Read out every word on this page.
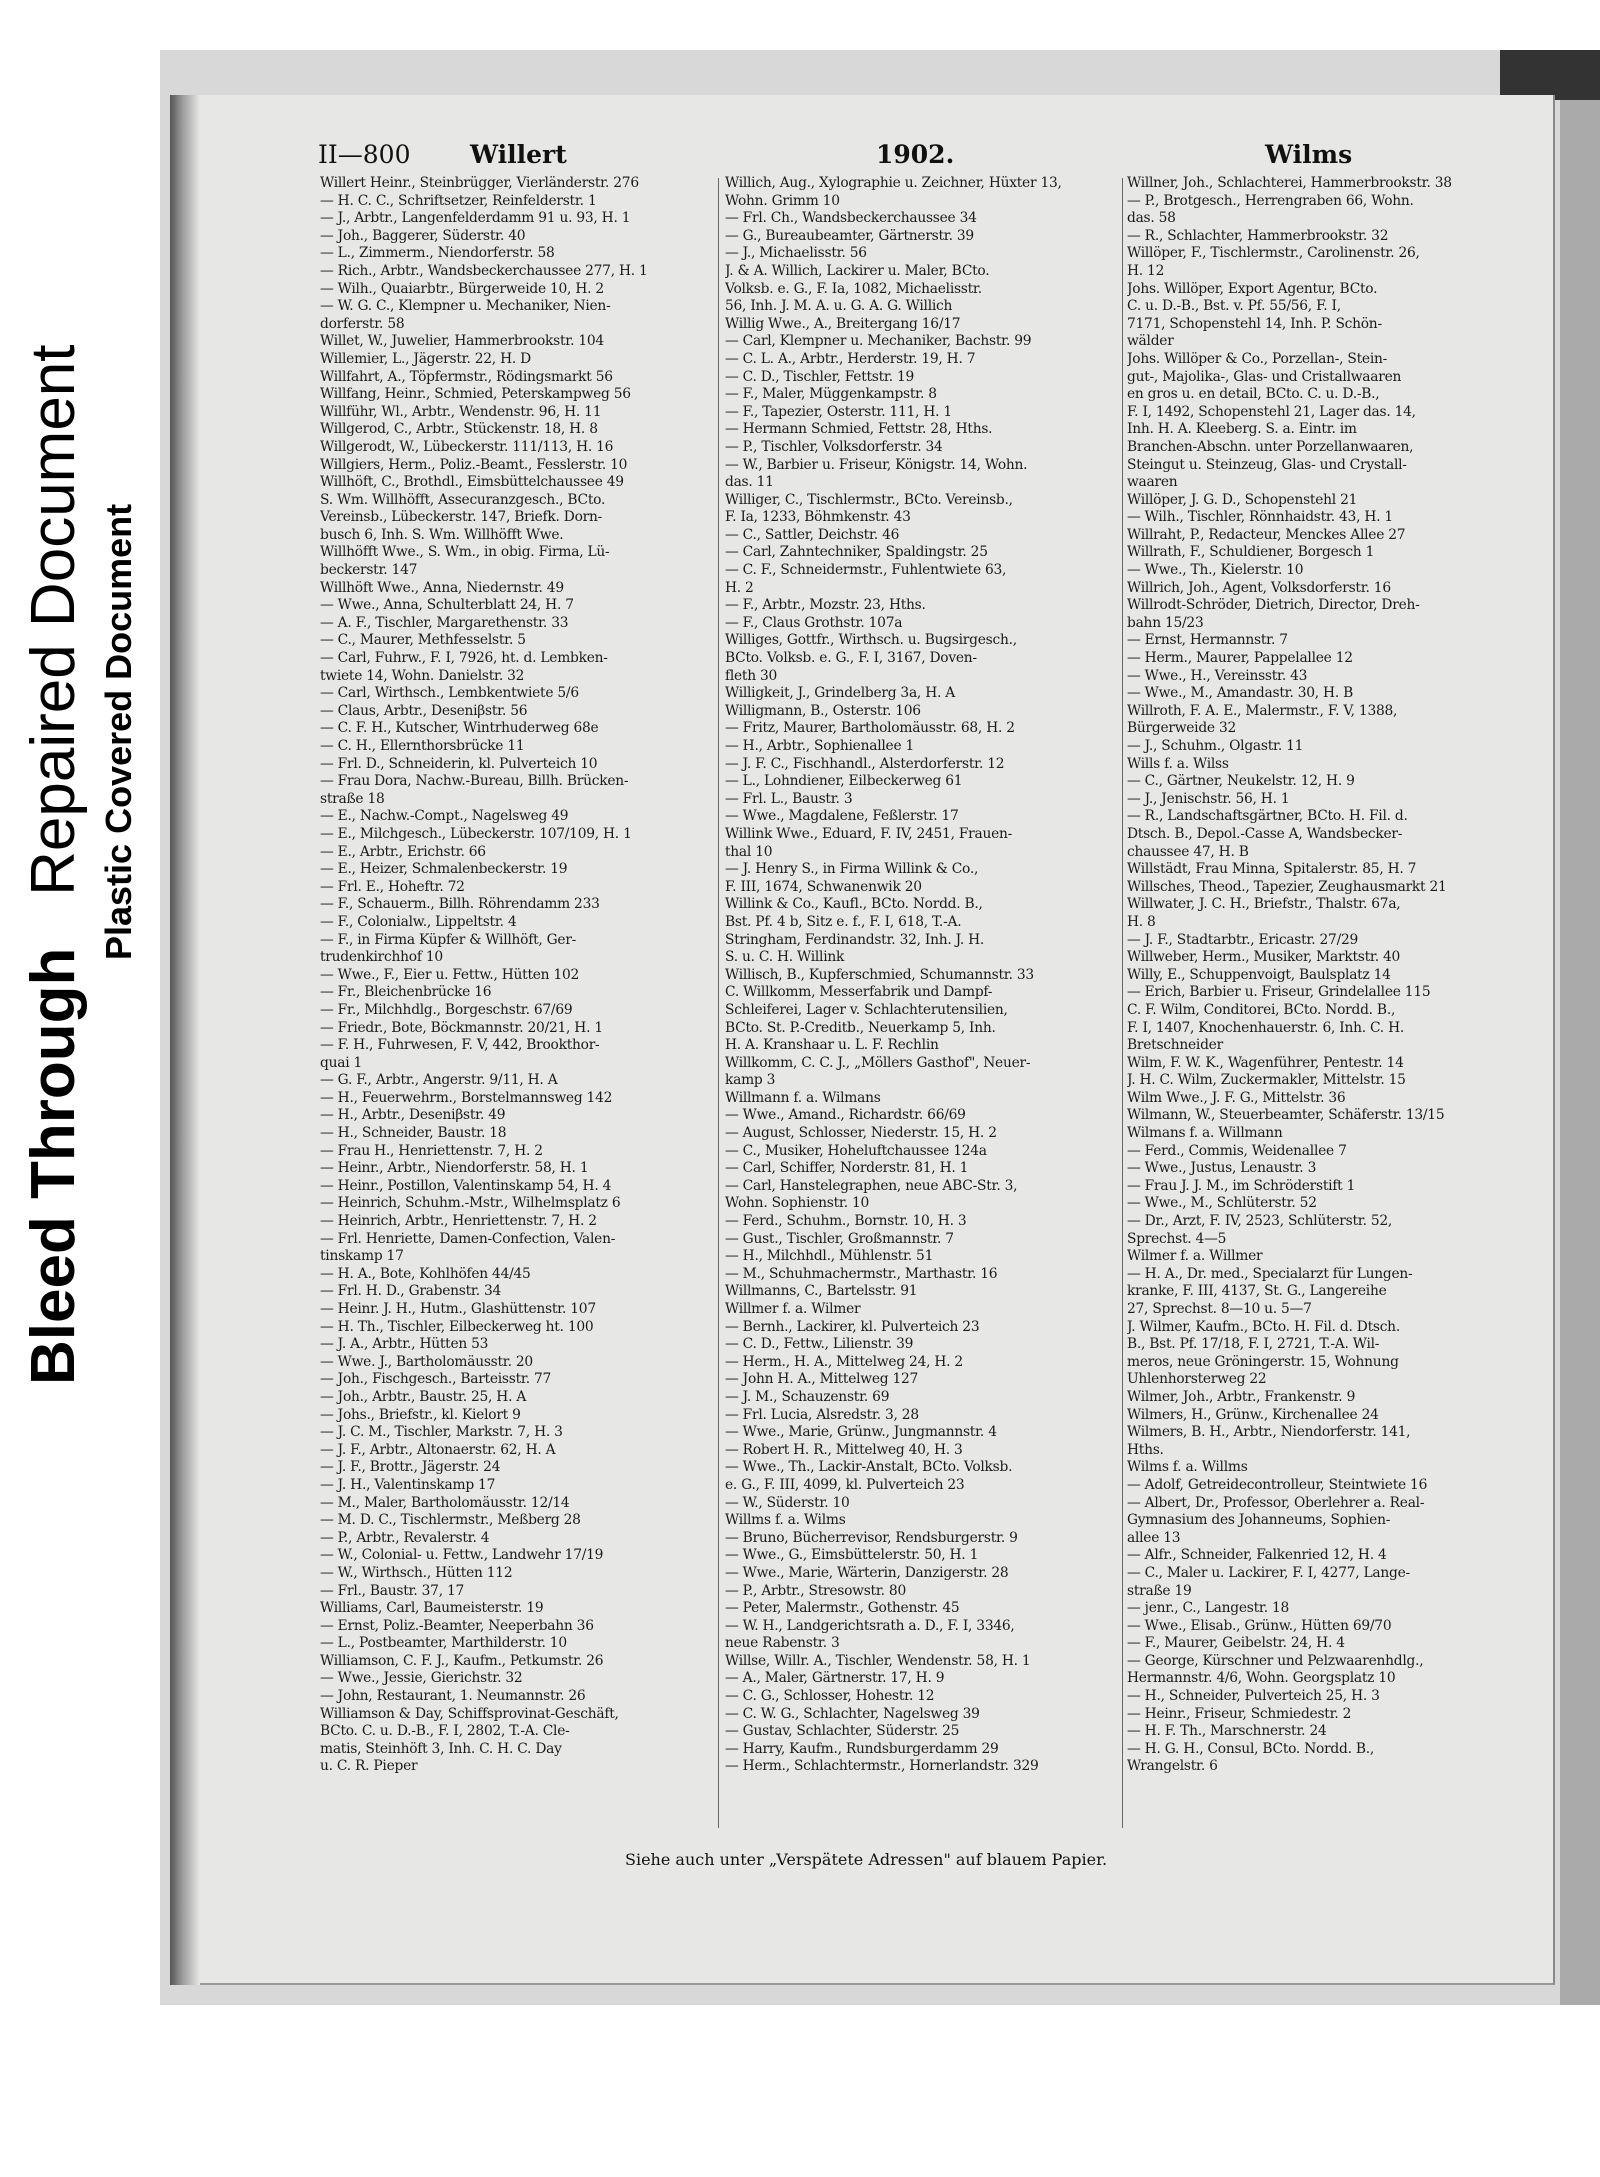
Bleed Through   Repaired Document Plastic Covered Document
II—800 Willert	1902.	Wilms
Willert Heinr., Steinbrügger, Vierländerstr. 276
— H. C. C., Schriftsetzer, Reinfelderstr. 1
— J., Arbtr., Langenfelderdamm 91 u. 93, H. 1
— Joh., Baggerer, Süderstr. 40
— L., Zimmerm., Niendorferstr. 58
— Rich., Arbtr., Wandsbeckerchaussee 277, H. 1
— Wilh., Quaiarbtr., Bürgerweide 10, H. 2
— W. G. C., Klempner u. Mechaniker, Nien-
dorferstr. 58
Willet, W., Juwelier, Hammerbrookstr. 104
Willemier, L., Jägerstr. 22, H. D
Willfahrt, A., Töpfermstr., Rödingsmarkt 56
Willfang, Heinr., Schmied, Peterskampweg 56
Willführ, Wl., Arbtr., Wendenstr. 96, H. 11
Willgerod, C., Arbtr., Stückenstr. 18, H. 8
Willgerodt, W., Lübeckerstr. 111/113, H. 16
Willgiers, Herm., Poliz.-Beamt., Fesslerstr. 10
Willhöft, C., Brothdl., Eimsbüttelchaussee 49
S. Wm. Willhöfft, Assecuranzgesch., BCto.
Vereinsb., Lübeckerstr. 147, Briefk. Dorn-
busch 6, Inh. S. Wm. Willhöfft Wwe.
Willhöfft Wwe., S. Wm., in obig. Firma, Lü-
beckerstr. 147
Willhöft Wwe., Anna, Niedernstr. 49
— Wwe., Anna, Schulterblatt 24, H. 7
— A. F., Tischler, Margarethenstr. 33
— C., Maurer, Methfesselstr. 5
— Carl, Fuhrw., F. I, 7926, ht. d. Lembken-
twiete 14, Wohn. Danielstr. 32
— Carl, Wirthsch., Lembkentwiete 5/6
— Claus, Arbtr., Deseniβstr. 56
— C. F. H., Kutscher, Wintrhuderweg 68e
— C. H., Ellernthorsbrücke 11
— Frl. D., Schneiderin, kl. Pulverteich 10
— Frau Dora, Nachw.-Bureau, Billh. Brücken-
straße 18
— E., Nachw.-Compt., Nagelsweg 49
— E., Milchgesch., Lübeckerstr. 107/109, H. 1
— E., Arbtr., Erichstr. 66
— E., Heizer, Schmalenbeckerstr. 19
— Frl. E., Hoheftr. 72
— F., Schauerm., Billh. Röhrendamm 233
— F., Colonialw., Lippeltstr. 4
— F., in Firma Küpfer & Willhöft, Ger-
trudenkirchhof 10
— Wwe., F., Eier u. Fettw., Hütten 102
— Fr., Bleichenbrücke 16
— Fr., Milchhdlg., Borgeschstr. 67/69
— Friedr., Bote, Böckmannstr. 20/21, H. 1
— F. H., Fuhrwesen, F. V, 442, Brookthor-
quai 1
— G. F., Arbtr., Angerstr. 9/11, H. A
— H., Feuerwehrm., Borstelmannsweg 142
— H., Arbtr., Deseniβstr. 49
— H., Schneider, Baustr. 18
— Frau H., Henriettenstr. 7, H. 2
— Heinr., Arbtr., Niendorferstr. 58, H. 1
— Heinr., Postillon, Valentinskamp 54, H. 4
— Heinrich, Schuhm.-Mstr., Wilhelmsplatz 6
— Heinrich, Arbtr., Henriettenstr. 7, H. 2
— Frl. Henriette, Damen-Confection, Valen-
tinskamp 17
— H. A., Bote, Kohlhöfen 44/45
— Frl. H. D., Grabenstr. 34
— Heinr. J. H., Hutm., Glashüttenstr. 107
— H. Th., Tischler, Eilbeckerweg ht. 100
— J. A., Arbtr., Hütten 53
— Wwe. J., Bartholomäusstr. 20
— Joh., Fischgesch., Barteisstr. 77
— Joh., Arbtr., Baustr. 25, H. A
— Johs., Briefstr., kl. Kielort 9
— J. C. M., Tischler, Markstr. 7, H. 3
— J. F., Arbtr., Altonaerstr. 62, H. A
— J. F., Brottr., Jägerstr. 24
— J. H., Valentinskamp 17
— M., Maler, Bartholomäusstr. 12/14
— M. D. C., Tischlermstr., Meßberg 28
— P., Arbtr., Revalerstr. 4
— W., Colonial- u. Fettw., Landwehr 17/19
— W., Wirthsch., Hütten 112
— Frl., Baustr. 37, 17
Williams, Carl, Baumeisterstr. 19
— Ernst, Poliz.-Beamter, Neeperbahn 36
— L., Postbeamter, Marthilderstr. 10
Williamson, C. F. J., Kaufm., Petkumstr. 26
— Wwe., Jessie, Gierichstr. 32
— John, Restaurant, 1. Neumannstr. 26
Williamson & Day, Schiffsprovinat-Geschäft,
BCto. C. u. D.-B., F. I, 2802, T.-A. Cle-
matis, Steinhöft 3, Inh. C. H. C. Day
u. C. R. Pieper
Willich, Aug., Xylographie u. Zeichner, Hüxter 13,
Wohn. Grimm 10
— Frl. Ch., Wandsbeckerchaussee 34
— G., Bureaubeamter, Gärtnerstr. 39
— J., Michaelisstr. 56
J. & A. Willich, Lackirer u. Maler, BCto.
Volksb. e. G., F. Ia, 1082, Michaelisstr.
56, Inh. J. M. A. u. G. A. G. Willich
Willig Wwe., A., Breitergang 16/17
— Carl, Klempner u. Mechaniker, Bachstr. 99
— C. L. A., Arbtr., Herderstr. 19, H. 7
— C. D., Tischler, Fettstr. 19
— F., Maler, Müggenkampstr. 8
— F., Tapezier, Osterstr. 111, H. 1
— Hermann Schmied, Fettstr. 28, Hths.
— P., Tischler, Volksdorferstr. 34
— W., Barbier u. Friseur, Königstr. 14, Wohn.
das. 11
Williger, C., Tischlermstr., BCto. Vereinsb.,
F. Ia, 1233, Böhmkenstr. 43
— C., Sattler, Deichstr. 46
— Carl, Zahntechniker, Spaldingstr. 25
— C. F., Schneidermstr., Fuhlentwiete 63,
H. 2
— F., Arbtr., Mozstr. 23, Hths.
— F., Claus Grothstr. 107a
Williges, Gottfr., Wirthsch. u. Bugsirgesch.,
BCto. Volksb. e. G., F. I, 3167, Doven-
fleth 30
Willigkeit, J., Grindelberg 3a, H. A
Willigmann, B., Osterstr. 106
— Fritz, Maurer, Bartholomäusstr. 68, H. 2
— H., Arbtr., Sophienallee 1
— J. F. C., Fischhandl., Alsterdorferstr. 12
— L., Lohndiener, Eilbeckerweg 61
— Frl. L., Baustr. 3
— Wwe., Magdalene, Feßlerstr. 17
Willink Wwe., Eduard, F. IV, 2451, Frauen-
thal 10
— J. Henry S., in Firma Willink & Co.,
F. III, 1674, Schwanenwik 20
Willink & Co., Kaufl., BCto. Nordd. B.,
Bst. Pf. 4 b, Sitz e. f., F. I, 618, T.-A.
Stringham, Ferdinandstr. 32, Inh. J. H.
S. u. C. H. Willink
Willisch, B., Kupferschmied, Schumannstr. 33
C. Willkomm, Messerfabrik und Dampf-
Schleiferei, Lager v. Schlachterutensilien,
BCto. St. P.-Creditb., Neuerkamp 5, Inh.
H. A. Kranshaar u. L. F. Rechlin
Willkomm, C. C. J., „Möllers Gasthof", Neuer-
kamp 3
Willmann f. a. Wilmans
— Wwe., Amand., Richardstr. 66/69
— August, Schlosser, Niederstr. 15, H. 2
— C., Musiker, Hoheluftchaussee 124a
— Carl, Schiffer, Norderstr. 81, H. 1
— Carl, Hanstelegraphen, neue ABC-Str. 3,
Wohn. Sophienstr. 10
— Ferd., Schuhm., Bornstr. 10, H. 3
— Gust., Tischler, Großmannstr. 7
— H., Milchhdl., Mühlenstr. 51
— M., Schuhmachermstr., Marthastr. 16
Willmanns, C., Bartelsstr. 91
Willmer f. a. Wilmer
— Bernh., Lackirer, kl. Pulverteich 23
— C. D., Fettw., Lilienstr. 39
— Herm., H. A., Mittelweg 24, H. 2
— John H. A., Mittelweg 127
— J. M., Schauzenstr. 69
— Frl. Lucia, Alsredstr. 3, 28
— Wwe., Marie, Grünw., Jungmannstr. 4
— Robert H. R., Mittelweg 40, H. 3
— Wwe., Th., Lackir-Anstalt, BCto. Volksb.
e. G., F. III, 4099, kl. Pulverteich 23
— W., Süderstr. 10
Willms f. a. Wilms
— Bruno, Bücherrevisor, Rendsburgerstr. 9
— Wwe., G., Eimsbüttelerstr. 50, H. 1
— Wwe., Marie, Wärterin, Danzigerstr. 28
— P., Arbtr., Stresowstr. 80
— Peter, Malermstr., Gothenstr. 45
— W. H., Landgerichtsrath a. D., F. I, 3346,
neue Rabenstr. 3
Willse, Willr. A., Tischler, Wendenstr. 58, H. 1
— A., Maler, Gärtnerstr. 17, H. 9
— C. G., Schlosser, Hohestr. 12
— C. W. G., Schlachter, Nagelsweg 39
— Gustav, Schlachter, Süderstr. 25
— Harry, Kaufm., Rundsburgerdamm 29
— Herm., Schlachtermstr., Hornerlandstr. 329
Willner, Joh., Schlachterei, Hammerbrookstr. 38
— P., Brotgesch., Herrengraben 66, Wohn.
das. 58
— R., Schlachter, Hammerbrookstr. 32
Willöper, F., Tischlermstr., Carolinenstr. 26,
H. 12
Johs. Willöper, Export Agentur, BCto.
C. u. D.-B., Bst. v. Pf. 55/56, F. I,
7171, Schopenstehl 14, Inh. P. Schön-
wälder
Johs. Willöper & Co., Porzellan-, Stein-
gut-, Majolika-, Glas- und Cristallwaaren
en gros u. en detail, BCto. C. u. D.-B.,
F. I, 1492, Schopenstehl 21, Lager das. 14,
Inh. H. A. Kleeberg. S. a. Eintr. im
Branchen-Abschn. unter Porzellanwaaren,
Steingut u. Steinzeug, Glas- und Crystall-
waaren
Willöper, J. G. D., Schopenstehl 21
— Wilh., Tischler, Rönnhaidstr. 43, H. 1
Willraht, P., Redacteur, Menckes Allee 27
Willrath, F., Schuldiener, Borgesch 1
— Wwe., Th., Kielerstr. 10
Willrich, Joh., Agent, Volksdorferstr. 16
Willrodt-Schröder, Dietrich, Director, Dreh-
bahn 15/23
— Ernst, Hermannstr. 7
— Herm., Maurer, Pappelallee 12
— Wwe., H., Vereinsstr. 43
— Wwe., M., Amandastr. 30, H. B
Willroth, F. A. E., Malermstr., F. V, 1388,
Bürgerweide 32
— J., Schuhm., Olgastr. 11
Wills f. a. Wilss
— C., Gärtner, Neukelstr. 12, H. 9
— J., Jenischstr. 56, H. 1
— R., Landschaftsgärtner, BCto. H. Fil. d.
Dtsch. B., Depol.-Casse A, Wandsbecker-
chaussee 47, H. B
Willstädt, Frau Minna, Spitalerstr. 85, H. 7
Willsches, Theod., Tapezier, Zeughausmarkt 21
Willwater, J. C. H., Briefstr., Thalstr. 67a,
H. 8
— J. F., Stadtarbtr., Ericastr. 27/29
Willweber, Herm., Musiker, Marktstr. 40
Willy, E., Schuppenvoigt, Baulsplatz 14
— Erich, Barbier u. Friseur, Grindelallee 115
C. F. Wilm, Conditorei, BCto. Nordd. B.,
F. I, 1407, Knochenhauerstr. 6, Inh. C. H.
Bretschneider
Wilm, F. W. K., Wagenführer, Pentestr. 14
J. H. C. Wilm, Zuckermakler, Mittelstr. 15
Wilm Wwe., J. F. G., Mittelstr. 36
Wilmann, W., Steuerbeamter, Schäferstr. 13/15
Wilmans f. a. Willmann
— Ferd., Commis, Weidenallee 7
— Wwe., Justus, Lenaustr. 3
— Frau J. J. M., im Schröderstift 1
— Wwe., M., Schlüterstr. 52
— Dr., Arzt, F. IV, 2523, Schlüterstr. 52,
Sprechst. 4—5
Wilmer f. a. Willmer
— H. A., Dr. med., Specialarzt für Lungen-
kranke, F. III, 4137, St. G., Langereihe
27, Sprechst. 8—10 u. 5—7
J. Wilmer, Kaufm., BCto. H. Fil. d. Dtsch.
B., Bst. Pf. 17/18, F. I, 2721, T.-A. Wil-
meros, neue Gröningerstr. 15, Wohnung
Uhlenhorsterweg 22
Wilmer, Joh., Arbtr., Frankenstr. 9
Wilmers, H., Grünw., Kirchenallee 24
Wilmers, B. H., Arbtr., Niendorferstr. 141,
Hths.
Wilms f. a. Willms
— Adolf, Getreidecontrolleur, Steintwiete 16
— Albert, Dr., Professor, Oberlehrer a. Real-
Gymnasium des Johanneums, Sophien-
allee 13
— Alfr., Schneider, Falkenried 12, H. 4
— C., Maler u. Lackirer, F. I, 4277, Lange-
straße 19
— jenr., C., Langestr. 18
— Wwe., Elisab., Grünw., Hütten 69/70
— F., Maurer, Geibelstr. 24, H. 4
— George, Kürschner und Pelzwaarenhdlg.,
Hermannstr. 4/6, Wohn. Georgsplatz 10
— H., Schneider, Pulverteich 25, H. 3
— Heinr., Friseur, Schmiedestr. 2
— H. F. Th., Marschnerstr. 24
— H. G. H., Consul, BCto. Nordd. B.,
Wrangelstr. 6
Siehe auch unter „Verspätete Adressen" auf blauem Papier.
